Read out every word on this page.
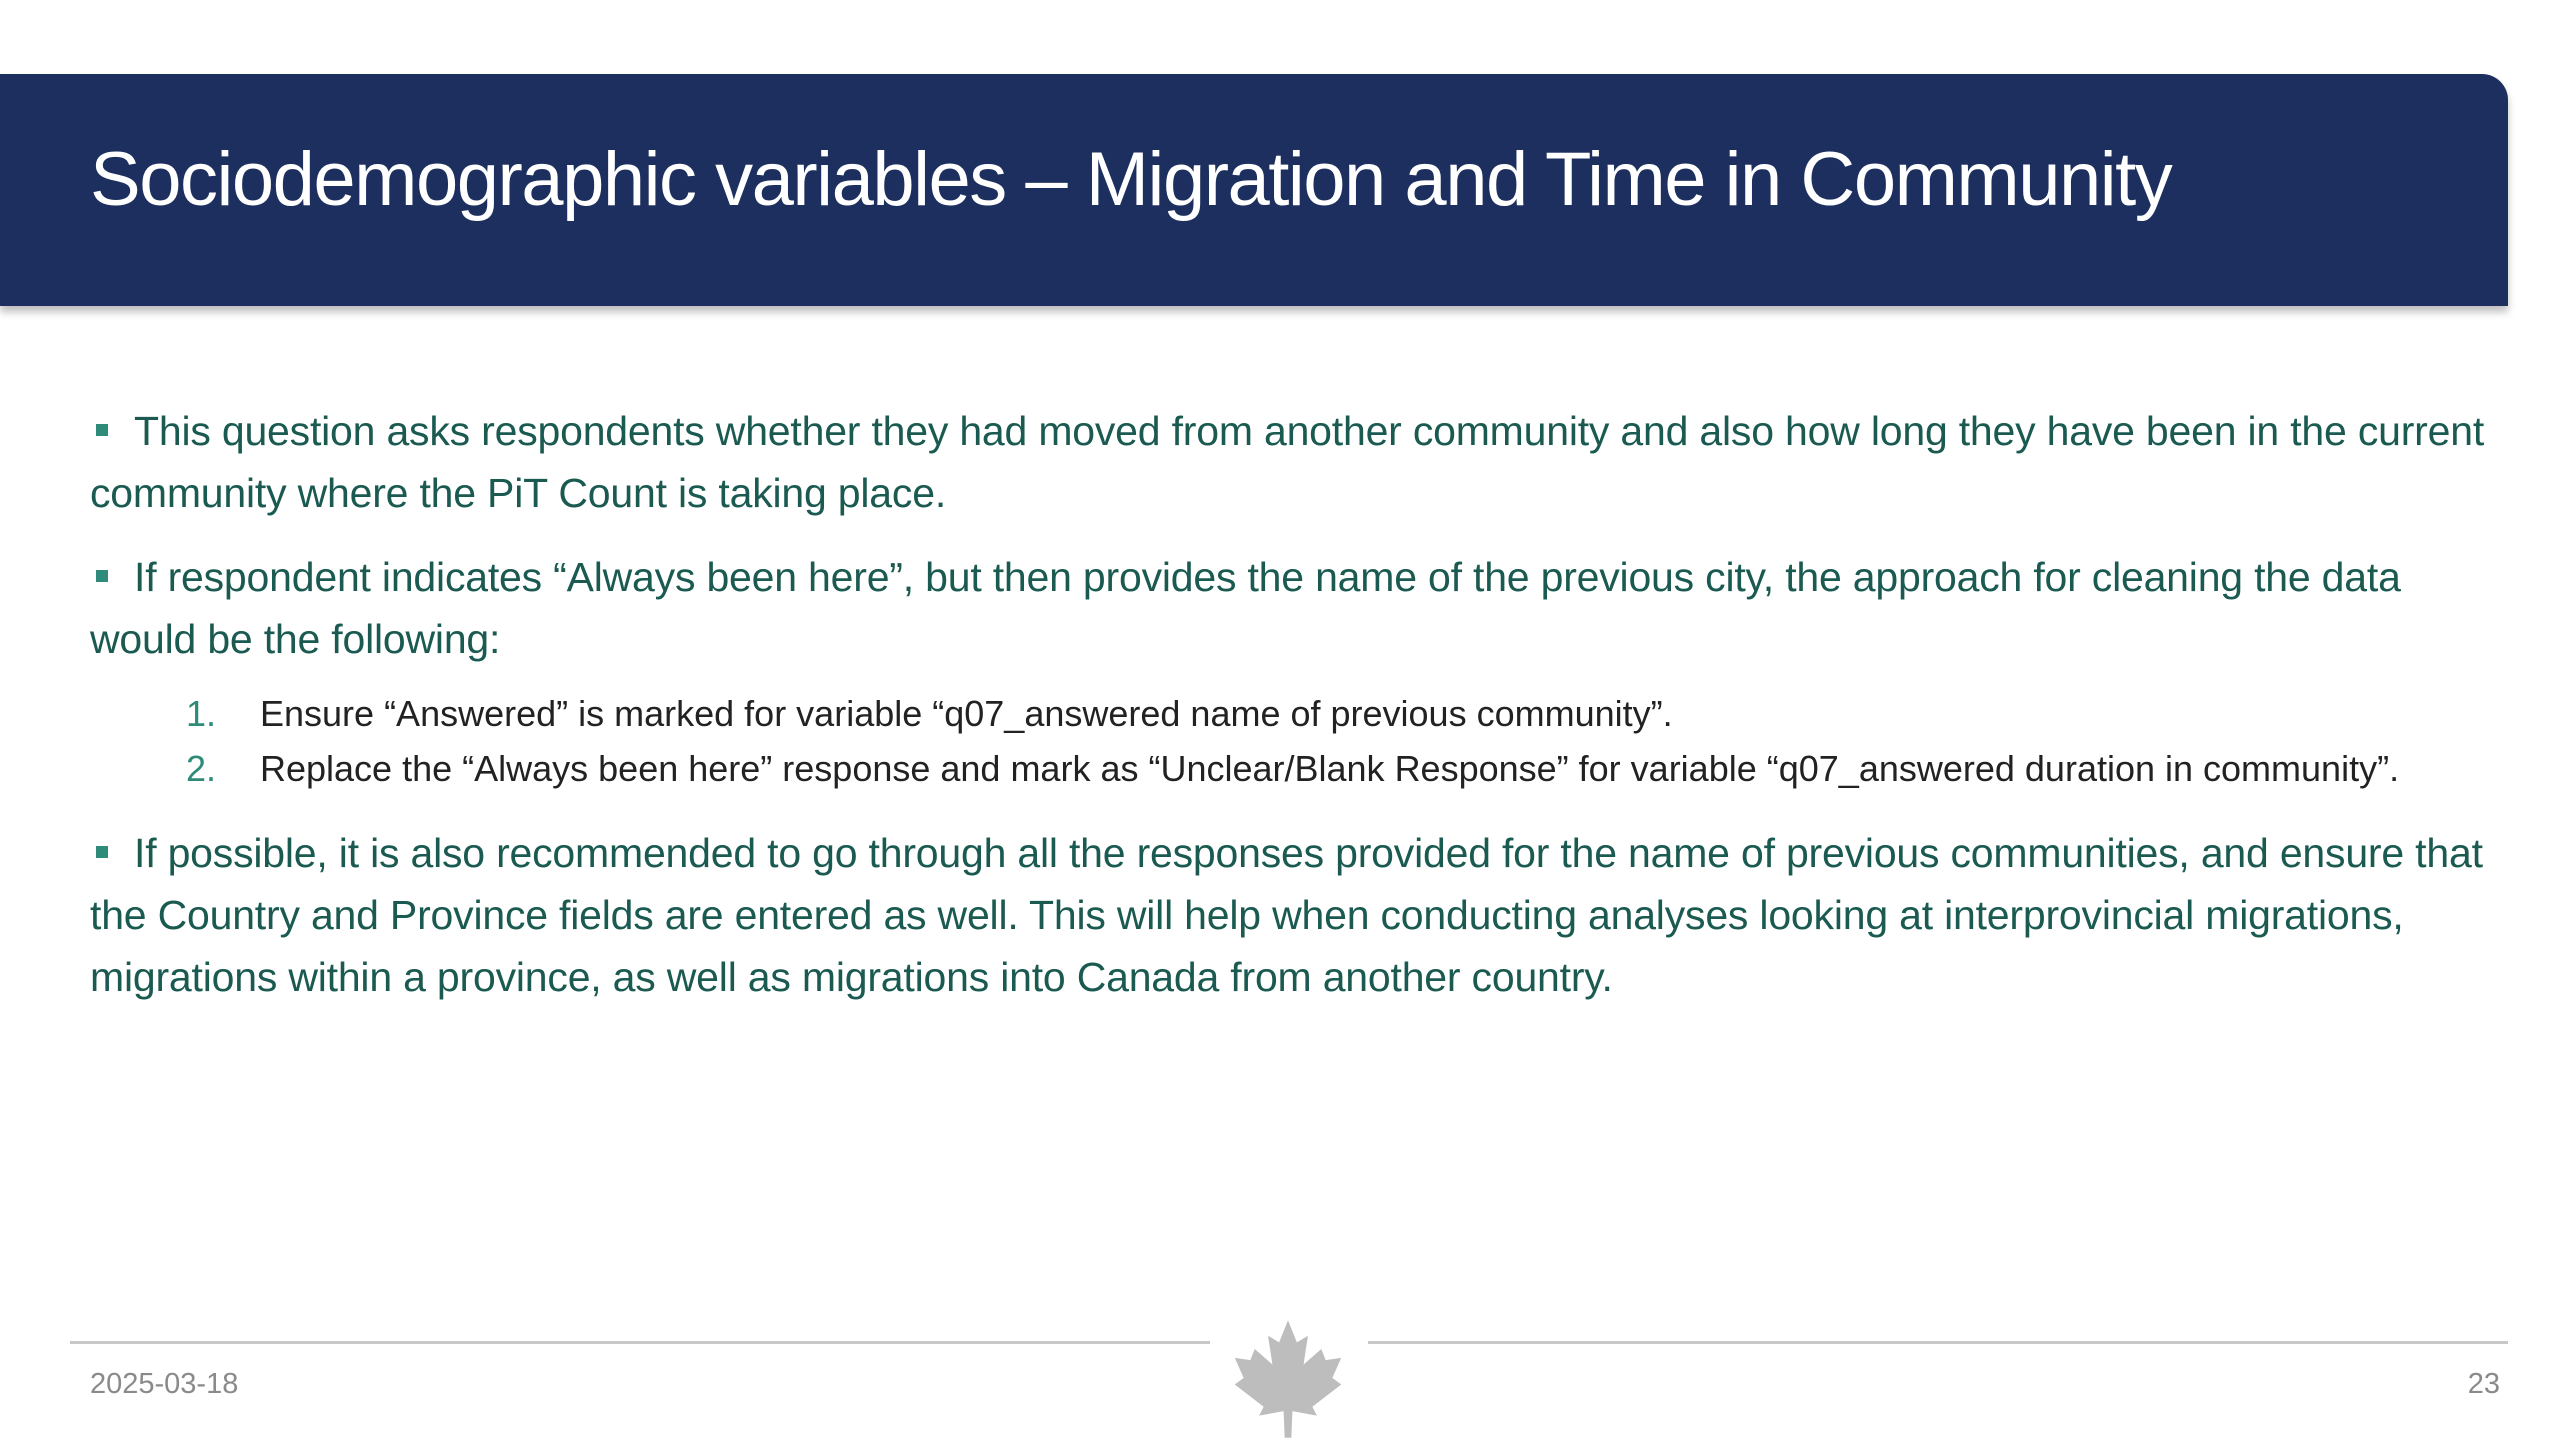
Sociodemographic variables – Migration and Time in Community

This question asks respondents whether they had moved from another community and also how long they have been in the current community where the PiT Count is taking place.

If respondent indicates “Always been here”, but then provides the name of the previous city, the approach for cleaning the data would be the following:

1. Ensure “Answered” is marked for variable “q07_answered name of previous community”.
2. Replace the “Always been here” response and mark as “Unclear/Blank Response” for variable “q07_answered duration in community”.

If possible, it is also recommended to go through all the responses provided for the name of previous communities, and ensure that the Country and Province fields are entered as well. This will help when conducting analyses looking at interprovincial migrations, migrations within a province, as well as migrations into Canada from another country.

2025-03-18	23
